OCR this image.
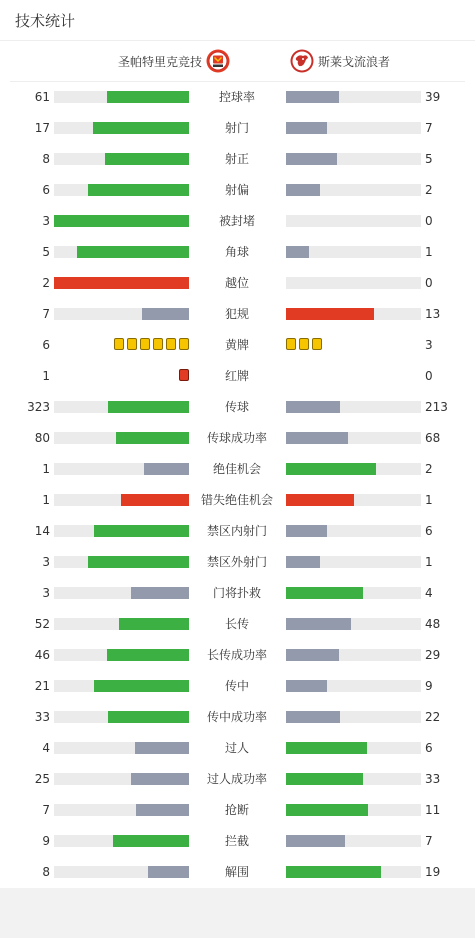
技术统计
圣帕特里克竞技	斯莱戈流浪者
61	控球率	39
17	射门	7
8	射正	5
6	射偏	2
3	被封堵	0
5	角球	1
2	越位	0
7	犯规	13
6	黄牌	3
1	红牌	0
323	传球	213
80	传球成功率	68
1	绝佳机会	2
1	错失绝佳机会	1
14	禁区内射门	6
3	禁区外射门	1
3	门将扑救	4
52	长传	48
46	长传成功率	29
21	传中	9
33	传中成功率	22
4	过人	6
25	过人成功率	33
7	抢断	11
9	拦截	7
8	解围	19
